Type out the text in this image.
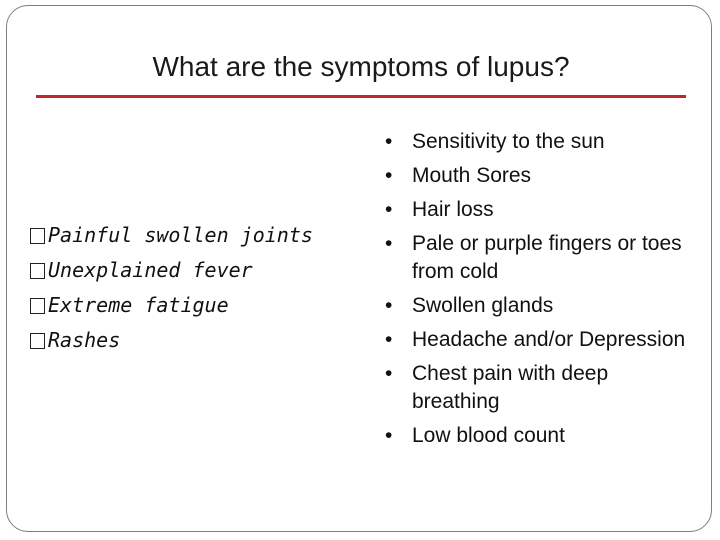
What are the symptoms of lupus?
Painful swollen joints
Unexplained fever
Extreme fatigue
Rashes
• Sensitivity to the sun
• Mouth Sores
• Hair loss
• Pale or purple fingers or toes from cold
• Swollen glands
• Headache and/or Depression
• Chest pain with deep breathing
• Low blood count
